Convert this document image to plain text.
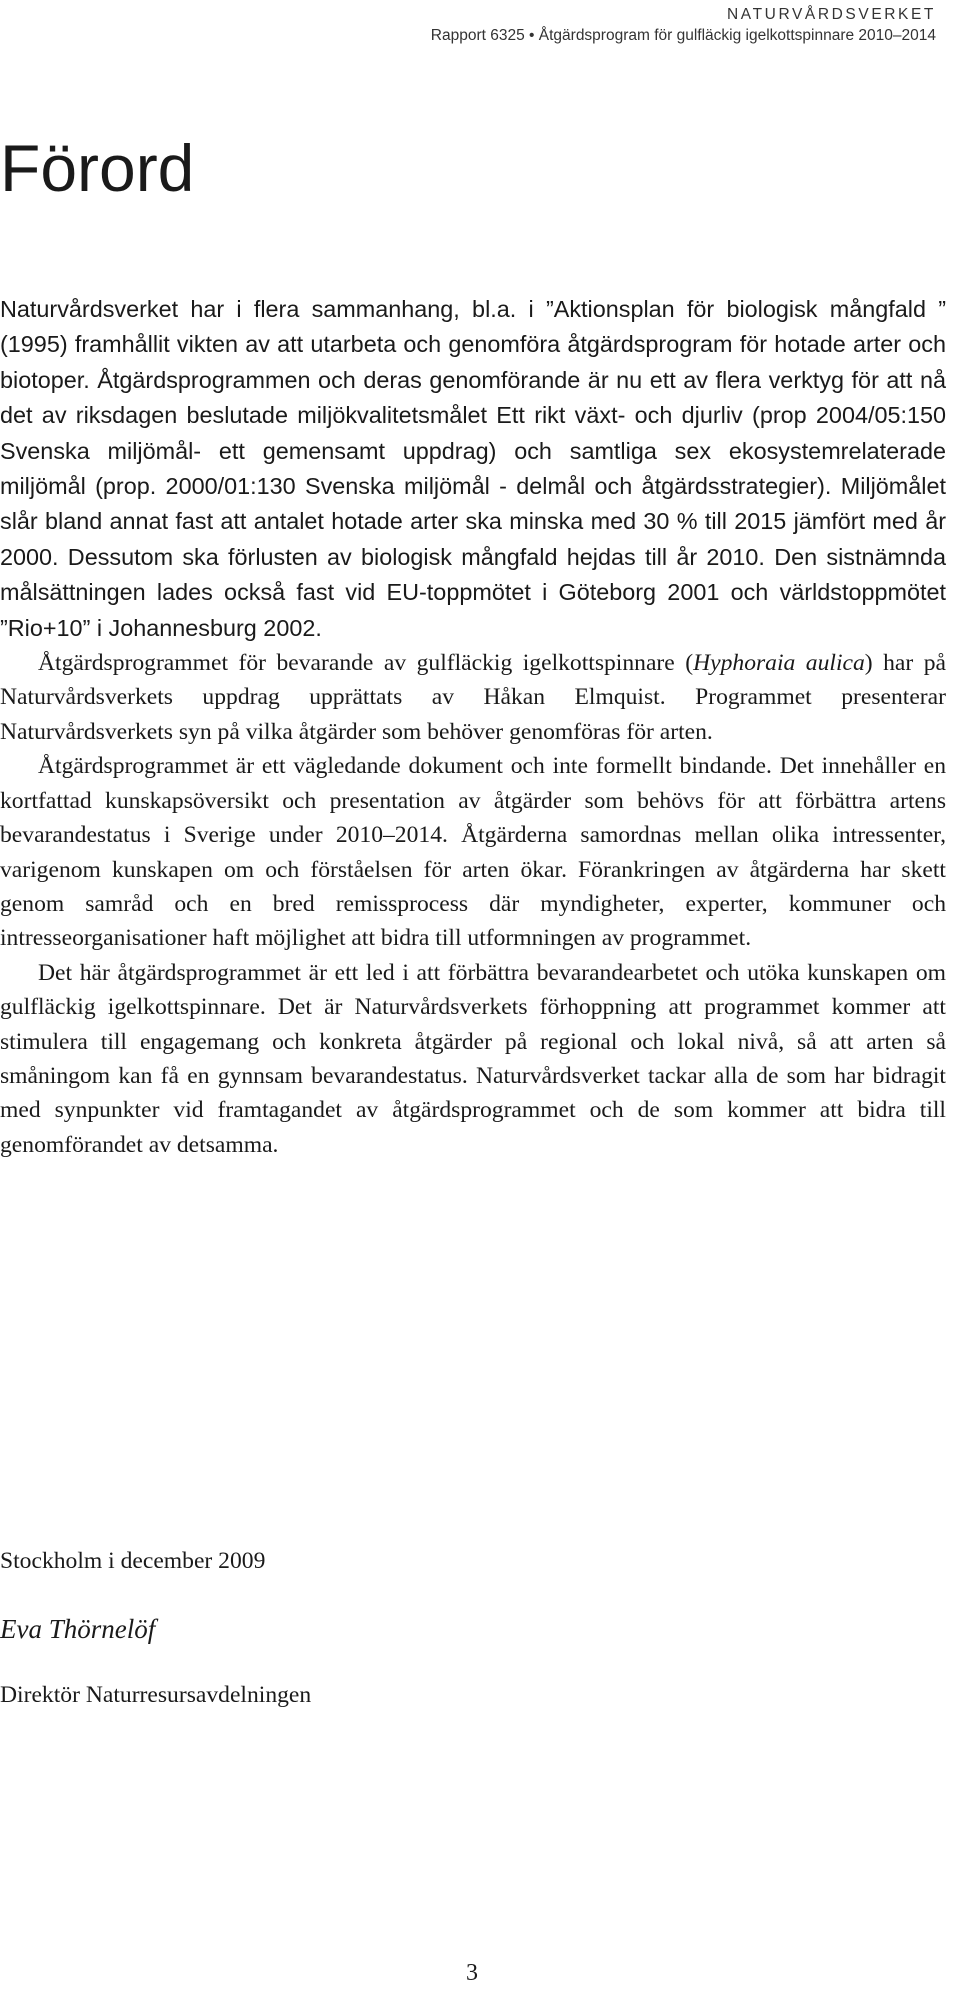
NATURVÅRDSVERKET
Rapport 6325 • Åtgärdsprogram för gulfläckig igelkottspinnare 2010–2014
Förord

Naturvårdsverket har i flera sammanhang, bl.a. i ”Aktionsplan för biologisk mångfald ” (1995) framhållit vikten av att utarbeta och genomföra åtgärdsprogram för hotade arter och biotoper. Åtgärdsprogrammen och deras genomförande är nu ett av flera verktyg för att nå det av riksdagen beslutade miljökvalitetsmålet Ett rikt växt- och djurliv (prop 2004/05:150 Svenska miljömål- ett gemensamt uppdrag) och samtliga sex ekosystemrelaterade miljömål (prop. 2000/01:130 Svenska miljömål - delmål och åtgärdsstrategier). Miljömålet slår bland annat fast att antalet hotade arter ska minska med 30 % till 2015 jämfört med år 2000. Dessutom ska förlusten av biologisk mångfald hejdas till år 2010. Den sistnämnda målsättningen lades också fast vid EU-toppmötet i Göteborg 2001 och världstoppmötet ”Rio+10” i Johannesburg 2002.

Åtgärdsprogrammet för bevarande av gulfläckig igelkottspinnare (Hyphoraia aulica) har på Naturvårdsverkets uppdrag upprättats av Håkan Elmquist. Programmet presenterar Naturvårdsverkets syn på vilka åtgärder som behöver genomföras för arten.

Åtgärdsprogrammet är ett vägledande dokument och inte formellt bindande. Det innehåller en kortfattad kunskapsöversikt och presentation av åtgärder som behövs för att förbättra artens bevarandestatus i Sverige under 2010–2014. Åtgärderna samordnas mellan olika intressenter, varigenom kunskapen om och förståelsen för arten ökar. Förankringen av åtgärderna har skett genom samråd och en bred remissprocess där myndigheter, experter, kommuner och intresseorganisationer haft möjlighet att bidra till utformningen av programmet.

Det här åtgärdsprogrammet är ett led i att förbättra bevarandearbetet och utöka kunskapen om gulfläckig igelkottspinnare. Det är Naturvårdsverkets förhoppning att programmet kommer att stimulera till engagemang och konkreta åtgärder på regional och lokal nivå, så att arten så småningom kan få en gynnsam bevarandestatus. Naturvårdsverket tackar alla de som har bidragit med synpunkter vid framtagandet av åtgärdsprogrammet och de som kommer att bidra till genomförandet av detsamma.

Stockholm i december 2009
Eva Thörnelöf
Direktör Naturresursavdelningen
3
